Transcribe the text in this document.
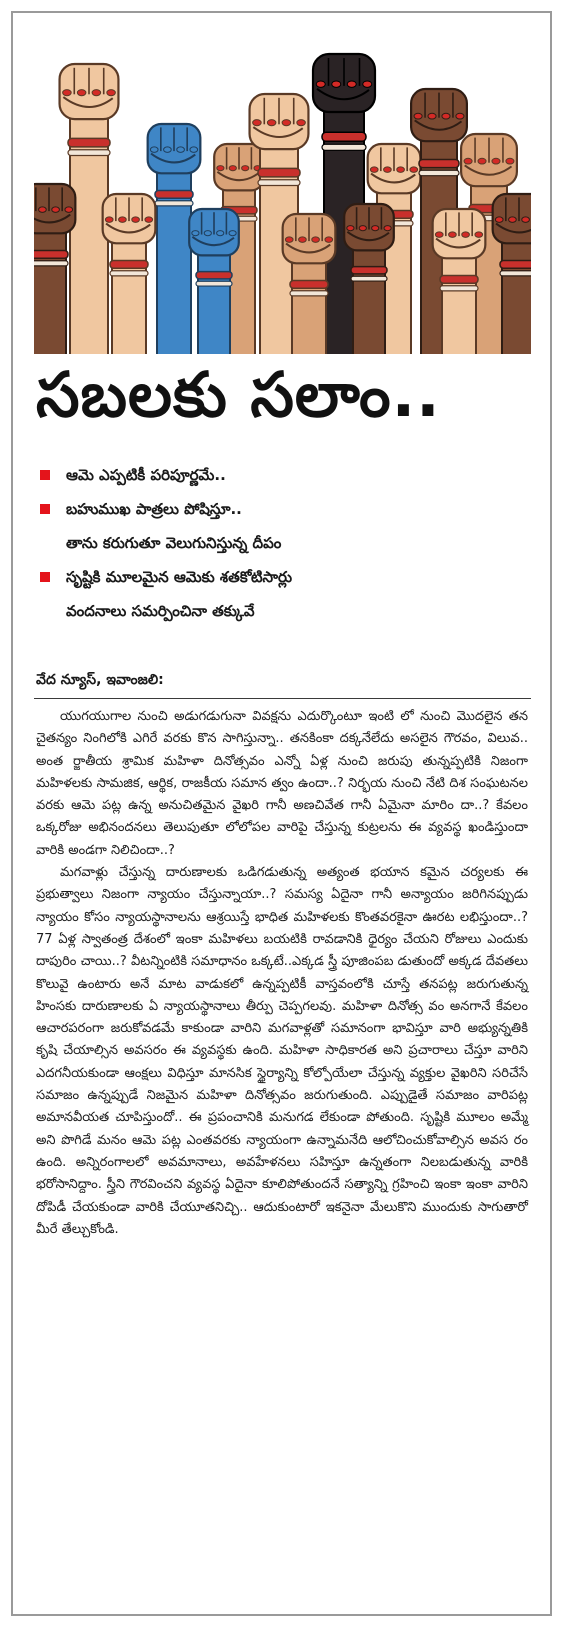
సబలకు సలాం..
ఆమె ఎప్పటికీ పరిపూర్ణమే..
బహుముఖ పాత్రలు పోషిస్తూ..
తాను కరుగుతూ వెలుగునిస్తున్న దీపం
సృష్టికి మూలమైన ఆమెకు శతకోటిసార్లు
వందనాలు సమర్పించినా తక్కువే
వేద న్యూస్‌, ఇవాంజలి:

యుగయుగాల నుంచి అడుగడుగునా వివక్షను ఎదుర్కొంటూ ఇంటి లో నుంచి మొదలైన తన చైతన్యం నింగిలోకి ఎగిరే వరకు కొన సాగిస్తున్నా.. తనకింకా దక్కనేలేదు అసలైన గౌరవం, విలువ.. అంత ర్జాతీయ శ్రామిక మహిళా దినోత్సవం ఎన్నో ఏళ్ల నుంచి జరుపు తున్నప్పటికి నిజంగా మహిళలకు సామజిక, ఆర్థిక, రాజకీయ సమాన త్వం ఉందా..? నిర్భయ నుంచి నేటి దిశ సంఘటనల వరకు ఆమె పట్ల ఉన్న అనుచితమైన వైఖరి గానీ అణచివేత గానీ ఏమైనా మారిం దా..? కేవలం ఒక్కరోజు అభినందనలు తెలుపుతూ లోలోపల వారిపై చేస్తున్న కుట్రలను ఈ వ్యవస్థ ఖండిస్తుందా వారికి అండగా నిలిచిందా..?

మగవాళ్లు చేస్తున్న దారుణాలకు ఒడిగడుతున్న అత్యంత భయాన కమైన చర్యలకు ఈ ప్రభుత్వాలు నిజంగా న్యాయం చేస్తున్నాయా..? సమస్య ఏదైనా గానీ అన్యాయం జరిగినప్పుడు న్యాయం కోసం న్యాయస్థానాలను ఆశ్రయిస్తే భాధిత మహిళలకు కొంతవరకైనా ఊరట లభిస్తుందా..? 77 ఏళ్ల స్వాతంత్ర దేశంలో ఇంకా మహిళలు బయటికి రావడానికి ధైర్యం చేయని రోజులు ఎందుకు దాపురిం చాయి..? వీటన్నింటికి సమాధానం ఒక్కటే..ఎక్కడ స్త్రీ పూజింపబ డుతుందో అక్కడ దేవతలు కొలువై ఉంటారు అనే మాట వాడుకలో ఉన్నప్పటికీ వాస్తవంలోకి చూస్తే తనపట్ల జరుగుతున్న హింసకు దారుణాలకు ఏ న్యాయస్థానాలు తీర్పు చెప్పగలవు. మహిళా దినోత్స వం అనగానే కేవలం ఆచారపరంగా జరుకోవడమే కాకుండా వారిని మగవాళ్లతో సమానంగా భావిస్తూ వారి అభ్యున్నతికి కృషి చేయాల్సిన అవసరం ఈ వ్యవస్థకు ఉంది. మహిళా సాధికారత అని ప్రచారాలు చేస్తూ వారిని ఎదగనీయకుండా ఆంక్షలు విధిస్తూ మానసిక స్థైర్యాన్ని కోల్పోయేలా చేస్తున్న వ్యక్తుల వైఖరిని సరిచేసే సమాజం ఉన్నప్పుడే నిజమైన మహిళా దినోత్సవం జరుగుతుంది. ఎప్పుడైతే సమాజం వారిపట్ల అమానవీయత చూపిస్తుందో.. ఈ ప్రపంచానికి మనుగడ లేకుండా పోతుంది. సృష్టికి మూలం అమ్మే అని పొగిడే మనం ఆమె పట్ల ఎంతవరకు న్యాయంగా ఉన్నామనేది ఆలోచించుకోవాల్సిన అవస రం ఉంది. అన్నిరంగాలలో అవమానాలు, అవహేళనలు సహిస్తూ ఉన్నతంగా నిలబడుతున్న వారికి భరోసానిద్దాం. స్త్రీని గౌరవించని వ్యవస్థ ఏదైనా కూలిపోతుందనే సత్యాన్ని గ్రహించి ఇంకా ఇంకా వారిని దోపిడీ చేయకుండా వారికి చేయూతనిచ్చి.. ఆదుకుంటారో ఇకనైనా మేలుకొని ముందుకు సాగుతారో మీరే తేల్చుకోండి.
